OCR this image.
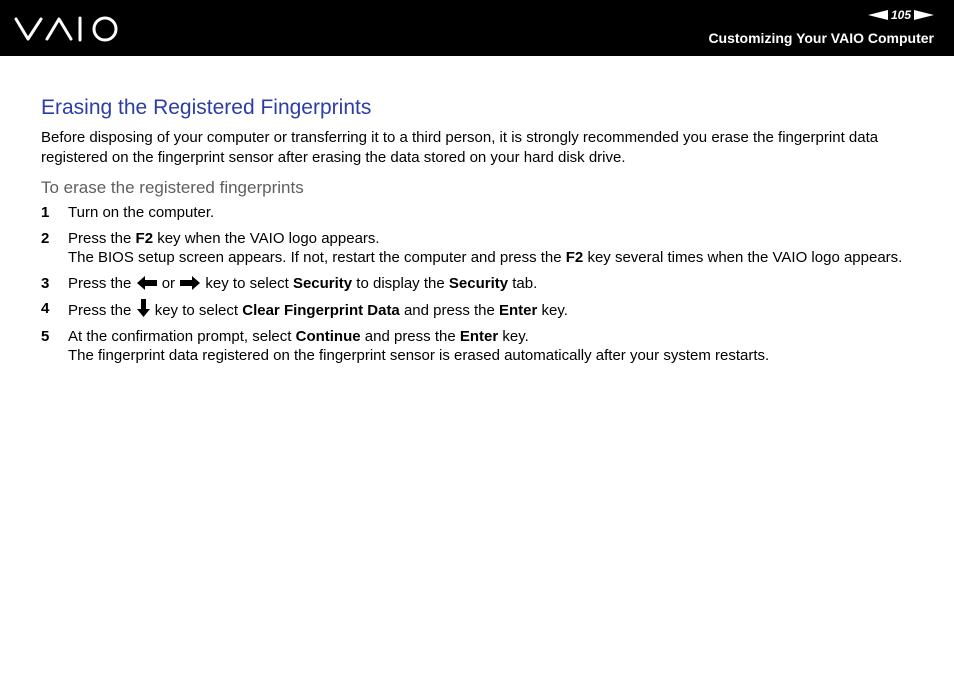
105
Customizing Your VAIO Computer
Erasing the Registered Fingerprints

Before disposing of your computer or transferring it to a third person, it is strongly recommended you erase the fingerprint data registered on the fingerprint sensor after erasing the data stored on your hard disk drive.

To erase the registered fingerprints
1 Turn on the computer.
2 Press the F2 key when the VAIO logo appears.
The BIOS setup screen appears. If not, restart the computer and press the F2 key several times when the VAIO logo appears.
3 Press the  or  key to select Security to display the Security tab.
4 Press the  key to select Clear Fingerprint Data and press the Enter key.
5 At the confirmation prompt, select Continue and press the Enter key.
The fingerprint data registered on the fingerprint sensor is erased automatically after your system restarts.
